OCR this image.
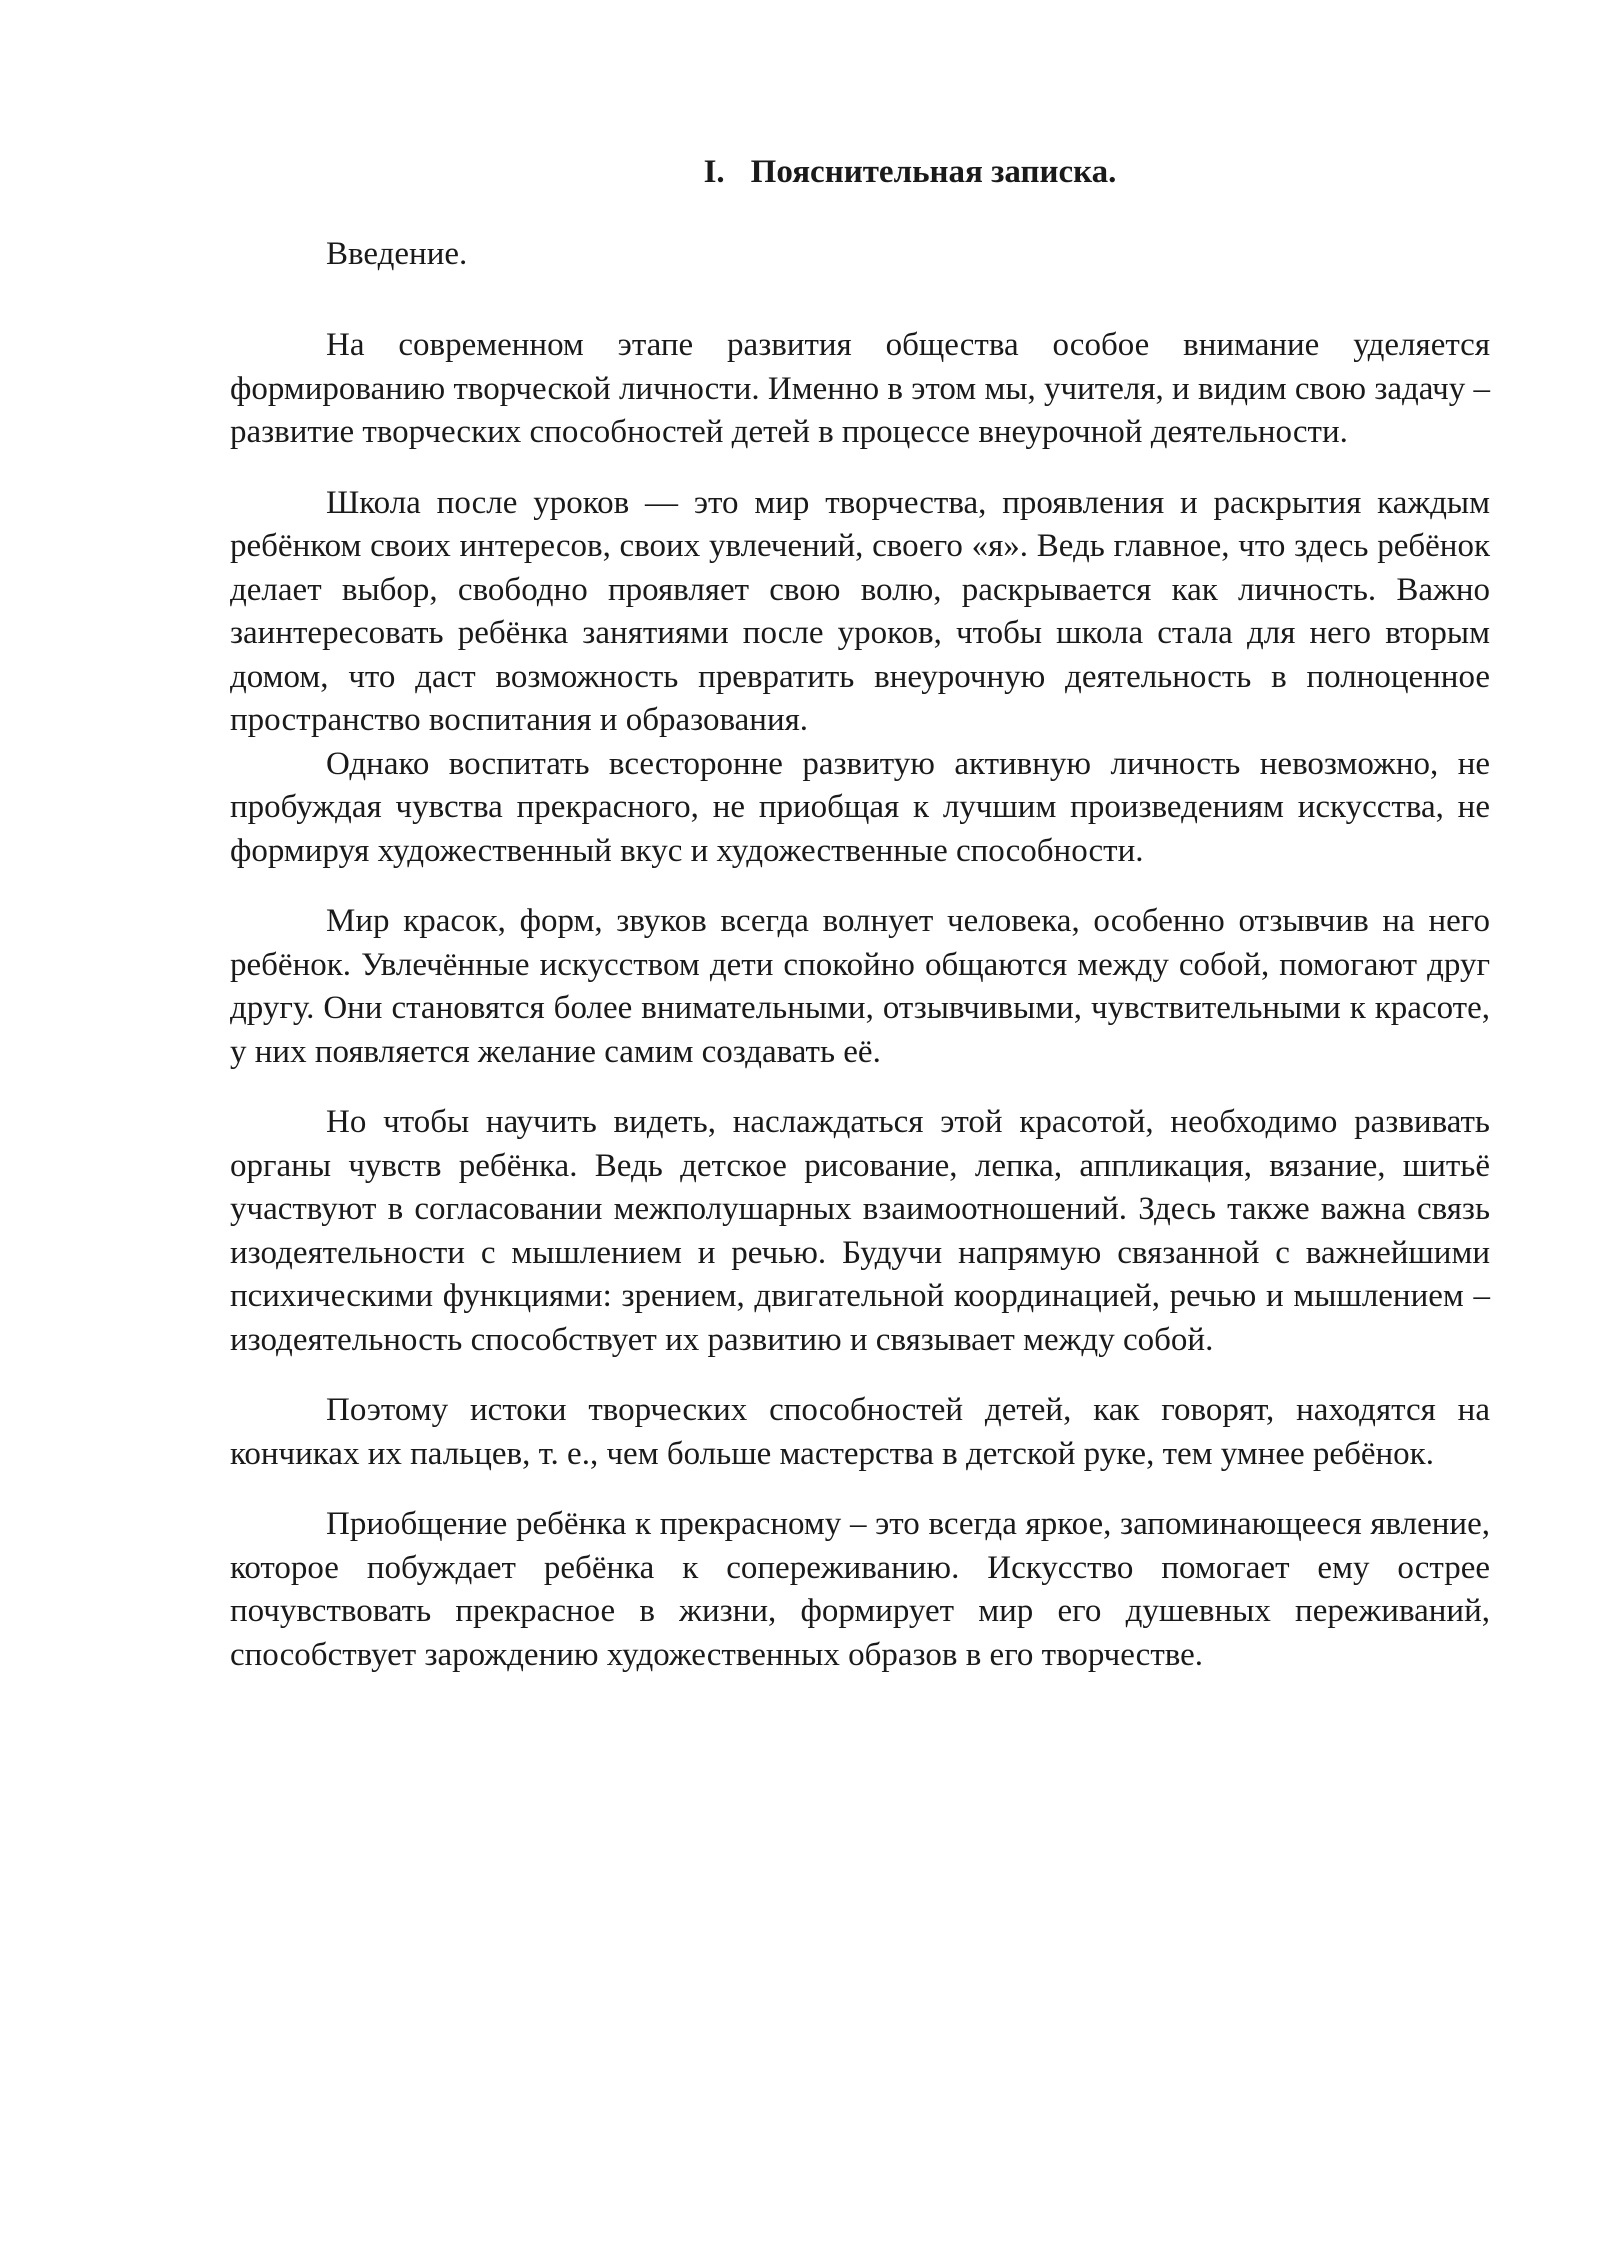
I. Пояснительная записка.

Введение.

На современном этапе развития общества особое внимание уделяется формированию творческой личности. Именно в этом мы, учителя, и видим свою задачу – развитие творческих способностей детей в процессе внеурочной деятельности.

Школа после уроков — это мир творчества, проявления и раскрытия каждым ребёнком своих интересов, своих увлечений, своего «я». Ведь главное, что здесь ребёнок делает выбор, свободно проявляет свою волю, раскрывается как личность. Важно заинтересовать ребёнка занятиями после уроков, чтобы школа стала для него вторым домом, что даст возможность превратить внеурочную деятельность в полноценное пространство воспитания и образования.

Однако воспитать всесторонне развитую активную личность невозможно, не пробуждая чувства прекрасного, не приобщая к лучшим произведениям искусства, не формируя художественный вкус и художественные способности.

Мир красок, форм, звуков всегда волнует человека, особенно отзывчив на него ребёнок. Увлечённые искусством дети спокойно общаются между собой, помогают друг другу. Они становятся более внимательными, отзывчивыми, чувствительными к красоте, у них появляется желание самим создавать её.

Но чтобы научить видеть, наслаждаться этой красотой, необходимо развивать органы чувств ребёнка. Ведь детское рисование, лепка, аппликация, вязание, шитьё участвуют в согласовании межполушарных взаимоотношений. Здесь также важна связь изодеятельности с мышлением и речью. Будучи напрямую связанной с важнейшими психическими функциями: зрением, двигательной координацией, речью и мышлением – изодеятельность способствует их развитию и связывает между собой.

Поэтому истоки творческих способностей детей, как говорят, находятся на кончиках их пальцев, т. е., чем больше мастерства в детской руке, тем умнее ребёнок.

Приобщение ребёнка к прекрасному – это всегда яркое, запоминающееся явление, которое побуждает ребёнка к сопереживанию. Искусство помогает ему острее почувствовать прекрасное в жизни, формирует мир его душевных переживаний, способствует зарождению художественных образов в его творчестве.
